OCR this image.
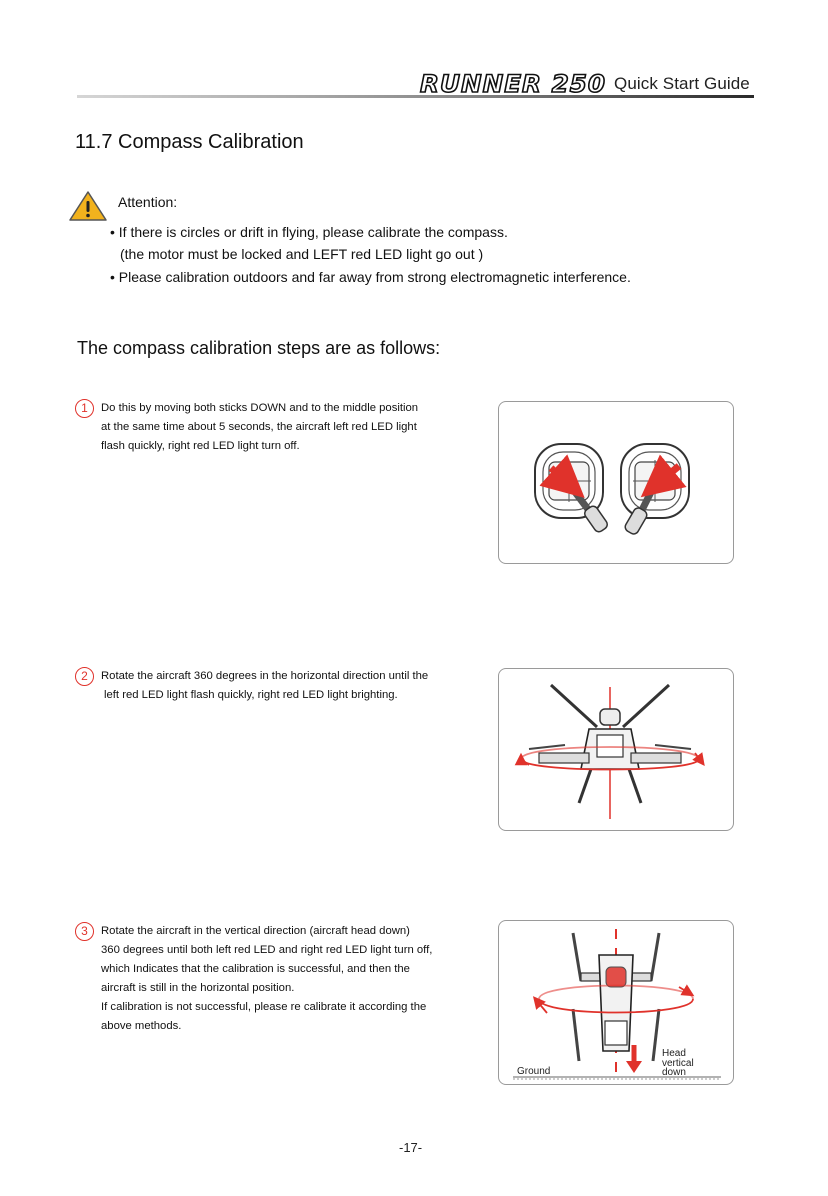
RUNNER 250 Quick Start Guide
11.7 Compass Calibration
Attention:
• If there is circles or drift in flying, please calibrate the compass.
(the motor must be locked and LEFT red LED light go out )
• Please calibration outdoors and far away from strong electromagnetic interference.
The compass calibration steps are as follows:
1	Do this by moving both sticks DOWN and to the middle position
at the same time about 5 seconds, the aircraft left red LED light
flash quickly, right red LED light turn off.
2	Rotate the aircraft 360 degrees in the horizontal direction until the
left red LED light flash quickly, right red LED light brighting.
3	Rotate the aircraft in the vertical direction (aircraft head down)
360 degrees until both left red LED and right red LED light turn off,
which Indicates that the calibration is successful, and then the
aircraft is still in the horizontal position.
If calibration is not successful, please re calibrate it according the
above methods.
Ground
Head
vertical
down
-17-
